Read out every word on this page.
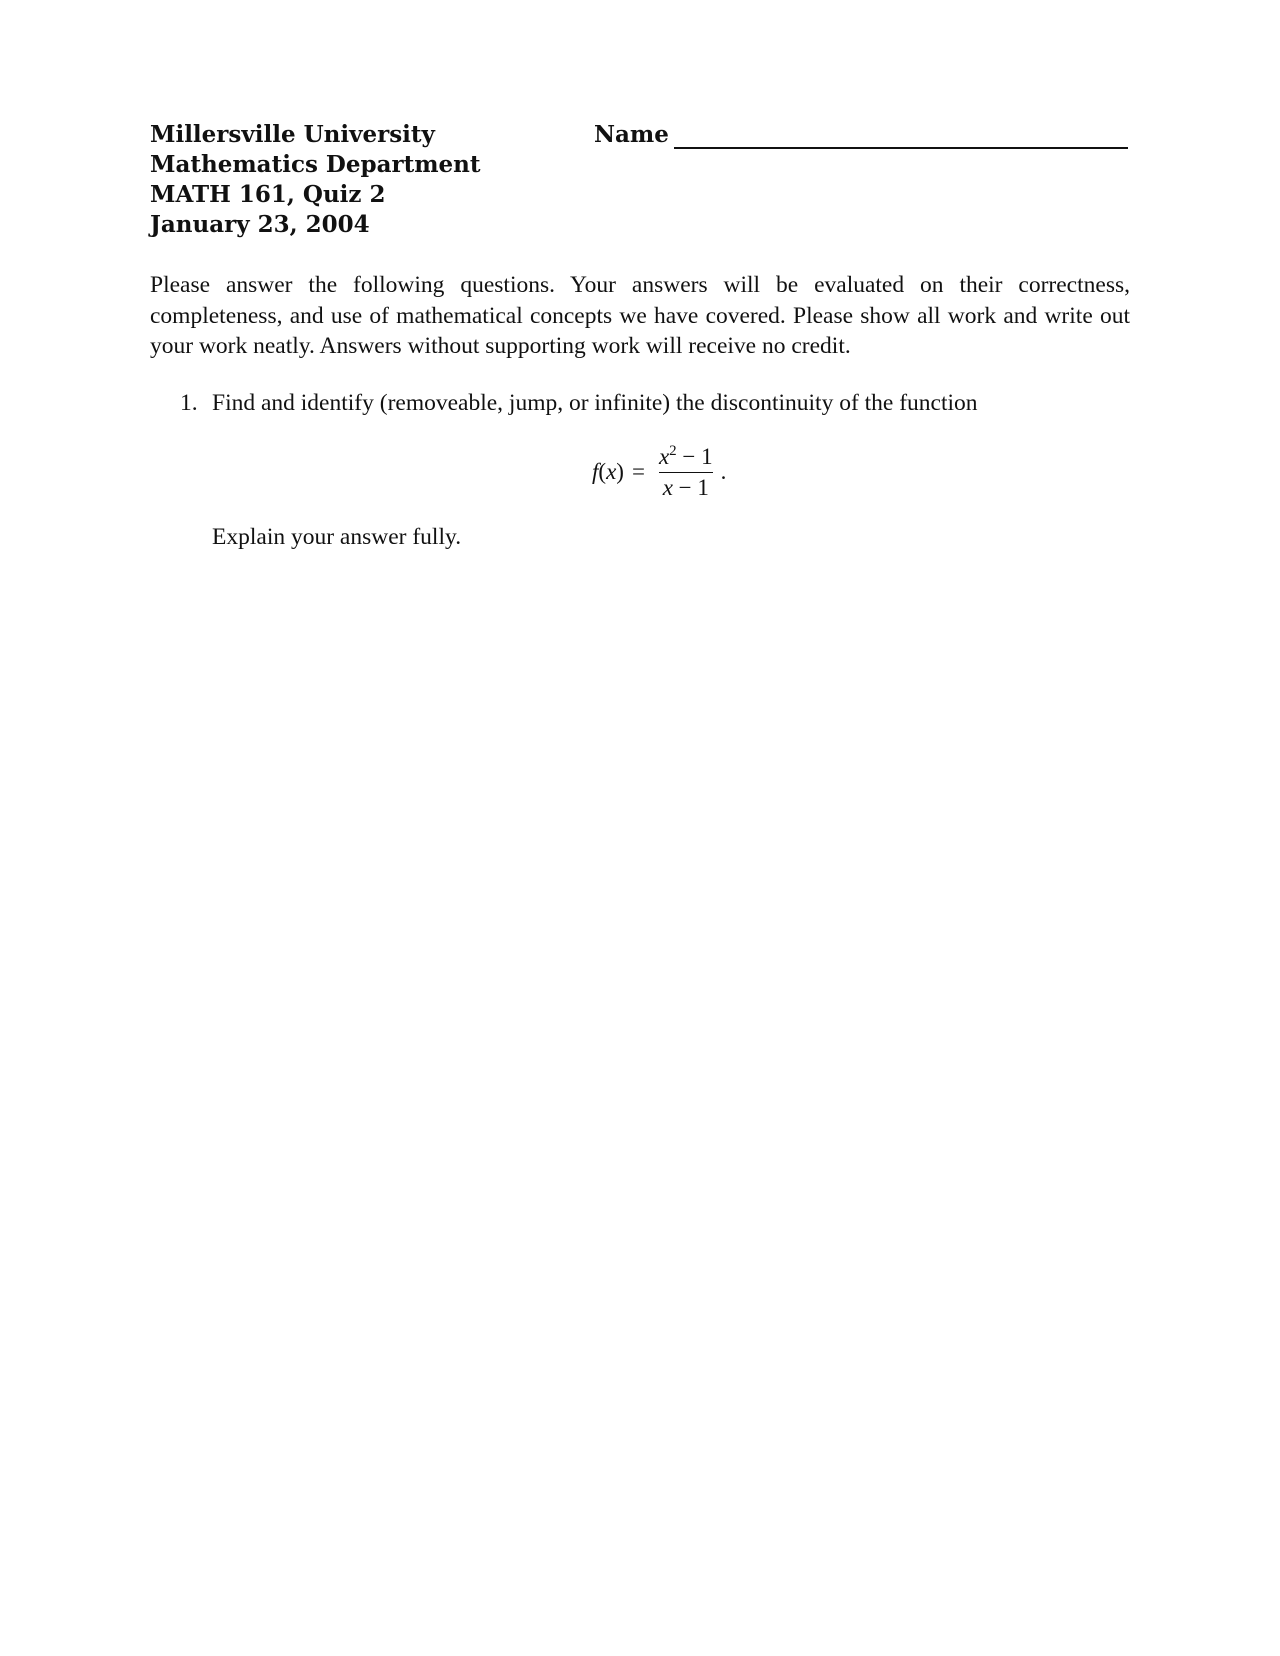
Millersville University
Mathematics Department
MATH 161, Quiz 2
January 23, 2004
Name
Please answer the following questions. Your answers will be evaluated on their correctness, completeness, and use of mathematical concepts we have covered. Please show all work and write out your work neatly. Answers without supporting work will receive no credit.
1. Find and identify (removeable, jump, or infinite) the discontinuity of the function
f ( x ) = $\frac{x^2 - 1}{x - 1}$ .
Explain your answer fully.
